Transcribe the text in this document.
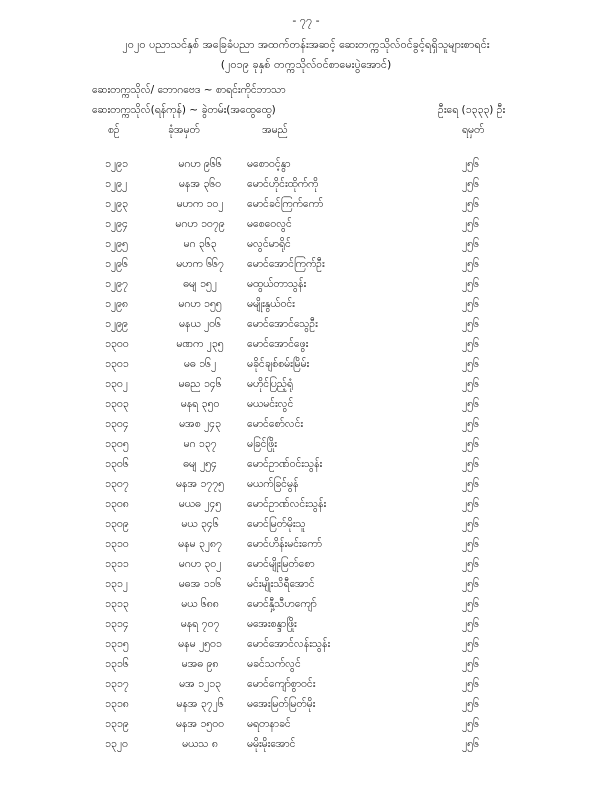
- ၇၇ -
၂၀၂၀ ပညာသင်နှစ် အခြေခံပညာ အထက်တန်းအဆင့် ဆေးတက္ကသိုလ်ဝင်ခွင့်ရရှိသူများစာရင်း
(၂၀၁၉ ခုနှစ် တက္ကသိုလ်ဝင်စာမေးပွဲအောင်)
ဆေးတက္ကသိုလ်/ ဘောဂဗေဒ ~ စာရင်းကိုင်ဘာသာ
ဆေးတက္ကသိုလ်(ရန်ကုန်) ~ ခွဲတမ်း(အထွေထွေ)	ဦးရေ (၁၃၃၃) ဦး
စဉ်	ခုံအမှတ်	အမည်	ရမှတ်
၁၂၉၁	မဂဟ ၉၆၆	မစောဝင့်နွာ	၂၅၆
၁၂၉၂	မနအ ၃၆၀	မောင်ဟိုင်းထိုက်ကို	၂၅၆
၁၂၉၃	မဟက ၁၀၂	မောင်ခင်ကြက်ကော်	၂၅၆
၁၂၉၄	မဂဟ ၁၀၇၉	မစေဝေလွင်	၂၅၆
၁၂၉၅	မဂ ၃၆၃	မလွင်မာရိုင်	၂၅၆
၁၂၉၆	မဟက ၆၆၇	မောင်အောင်ကြက်ဦး	၂၅၆
၁၂၉၇	ဓမျ ၁၅၂	မထွယ်တာသွန်း	၂၅၆
၁၂၉၈	မဂဟ ၁၅၅	မမျိုးနွယ်ဝင်း	၂၅၆
၁၂၉၉	မနယ ၂၀၆	မောင်အောင်သွေဦး	၂၅၆
၁၃၀၀	မဏက ၂၃၅	မောင်အောင်ဖွေး	၂၅၆
၁၃၀၁	မဓ ၁၆၂	မခိုင်ချစ်စမ်းမြိမ်း	၂၅၆
၁၃၀၂	မဓည ၁၄၆	မဟိုင်ပြည့်ရုံ	၂၅၆
၁၃၀၃	မနရ ၃၅၀	မယမင်းလွင်	၂၅၆
၁၃၀၄	မအစ ၂၄၃	မောင်စော်လင်း	၂၅၆
၁၃၀၅	မဂ ၁၃၇	မခြင်ဖြိုး	၂၅၆
၁၃၀၆	ဓမျ ၂၅၄	မောင်ဥာဏ်ဝင်းသွန်း	၂၅၆
၁၃၀၇	မနအ ၁၇၇၅	မယက်ခြင်မွန်	၂၅၆
၁၃၀၈	မယဓ ၂၄၅	မောင်ဥာဏ်လင်းသွန်း	၂၅၆
၁၃၀၉	မယ ၃၄၆	မောင်မြတ်မိုးသူ	၂၅၆
၁၃၁၀	မနမ ၃၂၈၇	မောင်ဟိန်းမင်းကော်	၂၅၆
၁၃၁၁	မဂဟ ၃၀၂	မောင်မျိုးမြတ်စော	၂၅၆
၁၃၁၂	မဓအ ၁၁၆	မင်းမျိုးသိရီအောင်	၂၅၆
၁၃၁၃	မယ ၆၈၈	မောင်နှီ့သီဟကျော်	၂၅၆
၁၃၁၄	မနရ ၇၀၇	မအေးစန္ဒာဖြိုး	၂၅၆
၁၃၁၅	မနမ ၂၅၀၁	မောင်အောင်လန်းသွန်း	၂၅၆
၁၃၁၆	မအဓ ၉၈	မခင်သက်လွင်	၂၅၆
၁၃၁၇	မအ ၁၂၁၃	မောင်ကျော်စွာဝင်း	၂၅၆
၁၃၁၈	မနအ ၃၇၂၆	မအေးမြတ်မြတ်မိုး	၂၅၆
၁၃၁၉	မနအ ၁၅၀၀	မရတနာခင်	၂၅၆
၁၃၂၀	မယသ ၈	မမိုးမိုးအောင်	၂၅၆
